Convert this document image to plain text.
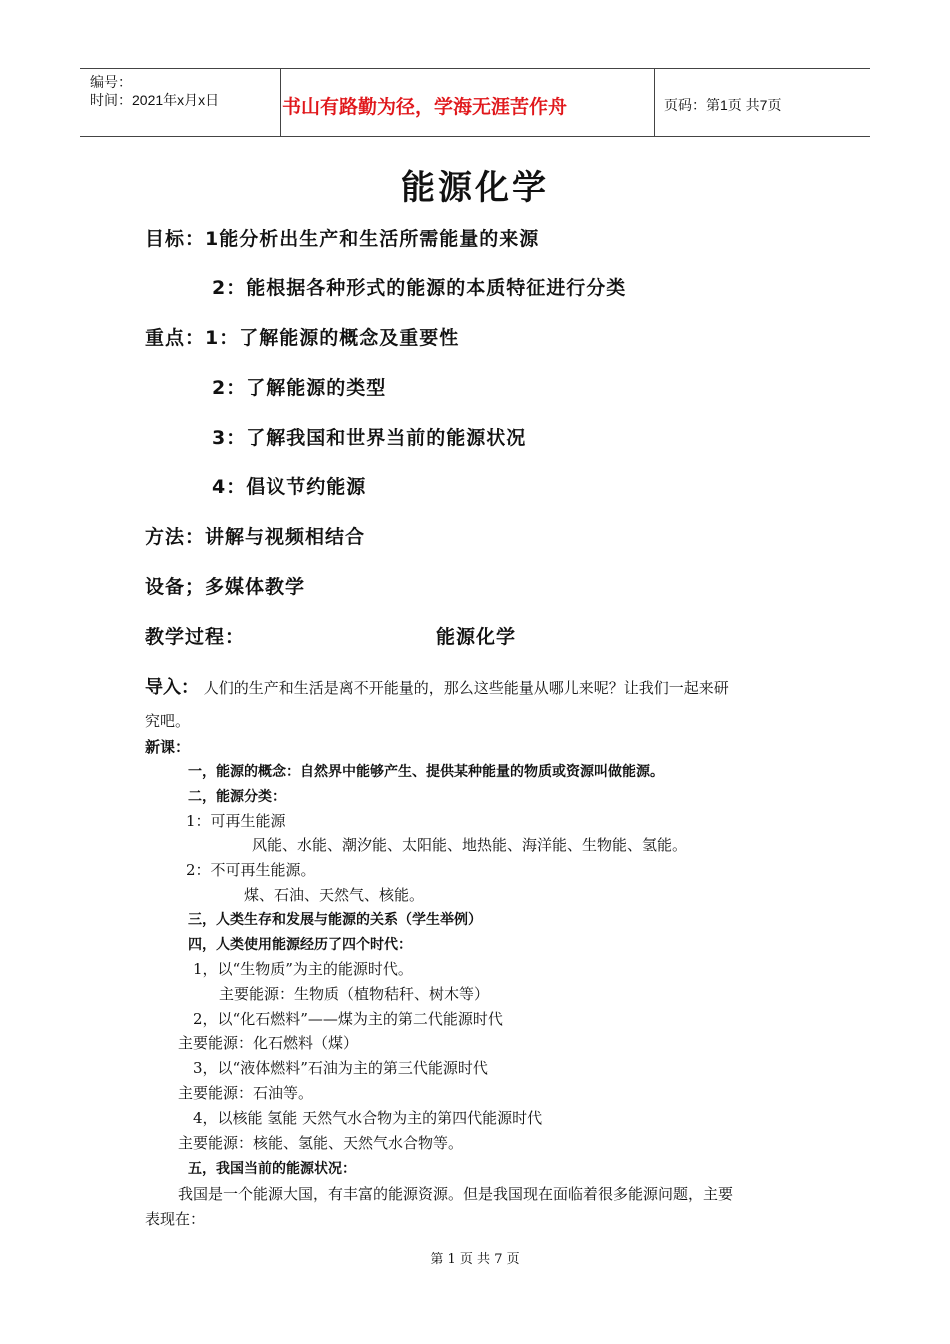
编号：
时间：2021年x月x日	书山有路勤为径，学海无涯苦作舟	页码：第1页 共7页
能源化学
目标：1能分析出生产和生活所需能量的来源
2：能根据各种形式的能源的本质特征进行分类
重点：1：了解能源的概念及重要性
2：了解能源的类型
3：了解我国和世界当前的能源状况
4：倡议节约能源
方法：讲解与视频相结合
设备；多媒体教学
教学过程：	能源化学
导入： 人们的生产和生活是离不开能量的，那么这些能量从哪儿来呢？让我们一起来研
究吧。
新课：
一，能源的概念：自然界中能够产生、提供某种能量的物质或资源叫做能源。
二，能源分类：
1：可再生能源
风能、水能、潮汐能、太阳能、地热能、海洋能、生物能、氢能。
2：不可再生能源。
煤、石油、天然气、核能。
三，人类生存和发展与能源的关系（学生举例）
四，人类使用能源经历了四个时代：
1，以“生物质”为主的能源时代。
主要能源：生物质（植物秸秆、树木等）
2，以“化石燃料”——煤为主的第二代能源时代
主要能源：化石燃料（煤）
3，以“液体燃料”石油为主的第三代能源时代
主要能源：石油等。
4，以核能 氢能 天然气水合物为主的第四代能源时代
主要能源：核能、氢能、天然气水合物等。
五，我国当前的能源状况：
我国是一个能源大国，有丰富的能源资源。但是我国现在面临着很多能源问题，主要
表现在：
第 1 页 共 7 页
